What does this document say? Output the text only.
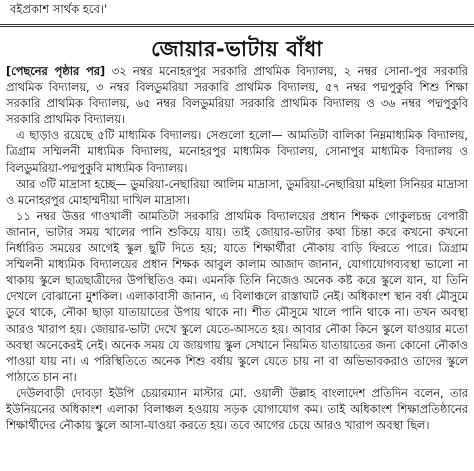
বইপ্রকাশ সার্থক হবে।'
জোয়ার-ভাটায় বাঁধা

[পেছনের পৃষ্ঠার পর] ৩২ নম্বর মনোহরপুর সরকারি প্রাথমিক বিদ্যালয়, ২ নম্বর সোনা-পুর সরকারি প্রাথমিক বিদ্যালয়, ৩ নম্বর বিলডুমরিয়া সরকারি প্রাথমিক বিদ্যালয়, ৫৭ নম্বর পদ্মপুকুবি শিশু শিক্ষা সরকারি প্রাথমিক বিদ্যালয়, ৬৫ নম্বর বিলডুমরিয়া সরকারি প্রাথমিক বিদ্যালয় ও ৩৬ নম্বর পদ্মপুকুবি সরকারি প্রাথমিক বিদ্যালয়।

এ ছাড়াও রয়েছে ৫টি মাধ্যমিক বিদ্যালয়। সেগুলো হলো— আমতিটা বালিকা নিম্নমাধ্যমিক বিদ্যালয়, ত্রিগ্রাম সম্মিলনী মাধ্যমিক বিদ্যালয়, মনোহরপুর মাধ্যমিক বিদ্যালয়, সোনাপুর মাধ্যমিক বিদ্যালয় ও বিলডুমরিয়া-পদ্মপুকুবি মাধ্যমিক বিদ্যালয়।

আর ৩টি মাদ্রাসা হচ্ছে— ডুমরিয়া-নেছারিয়া আলিম মাদ্রাসা, ডুমরিয়া-নেছারিয়া মহিলা সিনিয়র মাদ্রাসা ও মনোহরপুর মোহাম্মদীয়া দাখিল মাদ্রাসা।

১১ নম্বর উত্তর গাওখালী আমতিটা সরকারি প্রাথমিক বিদ্যালয়ের প্রধান শিক্ষক গোকুলচন্দ্র বেপারী জানান, ভাটার সময় খালের পানি শুকিয়ে যায়। তাই জোয়ার-ভাটার কথা চিন্তা করে কখনো কখনো নির্ধারিত সময়ের আগেই স্কুল ছুটি দিতে হয়; যাতে শিক্ষার্থীরা নৌকায় বাড়ি ফিরতে পারে। ত্রিগ্রাম সম্মিলনী মাধ্যমিক বিদ্যালয়ের প্রধান শিক্ষক আবুল কালাম আজাদ জানান, যোগাযোগব্যবস্থা ভালো না থাকায় স্কুলে ছাত্রছাত্রীদের উপস্থিতিও কম। এমনকি তিনি নিজেও অনেক কষ্ট করে স্কুলে যান, যা তিনি দেখলে বোঝানো মুশকিল। এলাকাবাসী জানান, এ বিলাঞ্চলে রাস্তাঘাট নেই। অধিকাংশ স্থান বর্ষা মৌসুমে ডুবে থাকে, নৌকা ছাড়া যাতায়াতের উপায় থাকে না। শীত মৌসুমে খালে পানি থাকে না। তখন অবস্থা আরও খারাপ হয়। জোয়ার-ভাটা দেখে স্কুলে যেতে-আসতে হয়। আবার নৌকা কিনে স্কুলে যাওয়ার মতো অবস্থা অনেকেরই নেই। অনেক সময় যে জায়গায় স্কুল সেখানে নিয়মিত যাতায়াতের জন্য কোনো নৌকাও পাওয়া যায় না। এ পরিস্থিতিতে অনেক শিশু বর্ষায় স্কুলে যেতে চায় না বা অভিভাবকরাও তাদের স্কুলে পাঠাতে চান না।

দেউলবাড়ী দোবড়া ইউপি চেয়ারম্যান মাস্টার মো. ওয়ালী উল্লাহ বাংলাদেশ প্রতিদিন বলেন, তার ইউনিয়নের অধিকাংশ এলাকা বিলাঞ্চল হওয়ায় সড়ক যোগাযোগ কম। তাই অধিকাংশ শিক্ষাপ্রতিষ্ঠানের শিক্ষার্থীদের নৌকায় স্কুলে আসা-যাওয়া করতে হয়। তবে আগের চেয়ে আরও খারাপ অবস্থা ছিল।
